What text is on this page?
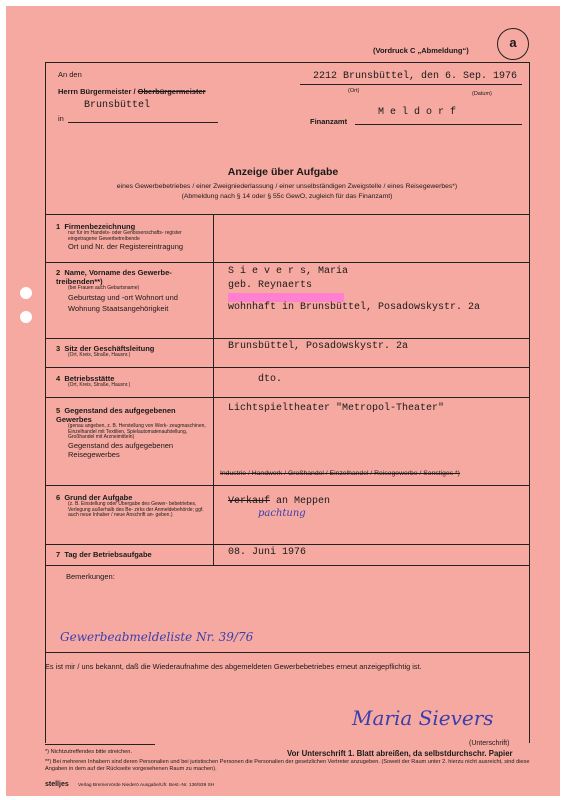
(Vordruck C „Abmeldung“)
a
An den
Herrn Bürgermeister / Oberbürgermeister
in
Brunsbüttel
2212 Brunsbüttel, den 6. Sep. 1976
(Ort)	(Datum)
M e l d o r f
Finanzamt
Anzeige über Aufgabe
eines Gewerbebetriebes / einer Zweigniederlassung / einer unselbständigen Zweigstelle / eines Reisegewerbes*)
(Abmeldung nach § 14 oder § 55c GewO, zugleich für das Finanzamt)
1 Firmenbezeichnung
nur für im Handels- oder Genossenschafts- register eingetragene Gewerbetreibende
Ort und Nr. der Registereintragung
2 Name, Vorname des Gewerbe- treibenden**)
(bei Frauen auch Geburtsname)
Geburtstag und -ort Wohnort und Wohnung Staatsangehörigkeit
S i e v e r s, Maria
geb. Reynaerts
wohnhaft in Brunsbüttel, Posadowskystr. 2a
3 Sitz der Geschäftsleitung
(Ort, Kreis, Straße, Hausnr.)
Brunsbüttel, Posadowskystr. 2a
4 Betriebsstätte
(Ort, Kreis, Straße, Hausnr.)	dto.
5 Gegenstand des aufgegebenen Gewerbes
(genau angeben, z. B. Herstellung von Werk- zeugmaschinen, Einzelhandel mit Textilien, Spielautomatenaufstellung, Großhandel mit Arzneimitteln)
Gegenstand des aufgegebenen Reisegewerbes
Lichtspieltheater "Metropol-Theater"
Industrie / Handwerk / Großhandel / Einzelhandel / Reisegewerbe / Sonstiges *)
6 Grund der Aufgabe
(z. B. Einstellung oder Übergabe des Gewer- bebetriebes, Verlegung außerhalb des Be- zirks der Anmeldebehörde; ggf. auch neue Inhaber / neue Anschrift an- geben.)
Verkauf an Meppen
pachtung
7 Tag der Betriebsaufgabe	08. Juni 1976
Bemerkungen:
Gewerbeabmeldeliste Nr. 39/76
Es ist mir / uns bekannt, daß die Wiederaufnahme des abgemeldeten Gewerbebetriebes erneut anzeigepflichtig ist.
Maria Sievers
(Unterschrift)
Vor Unterschrift 1. Blatt abreißen, da selbstdurchschr. Papier
*) Nichtzutreffendes bitte streichen.
**) Bei mehreren Inhabern sind deren Personalien und bei juristischen Personen die Personalien der gesetzlichen Vertreter anzugeben. (Soweit der Raum unter 2. hierzu nicht ausreicht, sind diese Angaben in dem auf der Rückseite vorgesehenen Raum zu machen).
stelljes Verlag Bremervörde Niederö Ausgabe/Ufr. Best.-Nr. 136/939 SH
